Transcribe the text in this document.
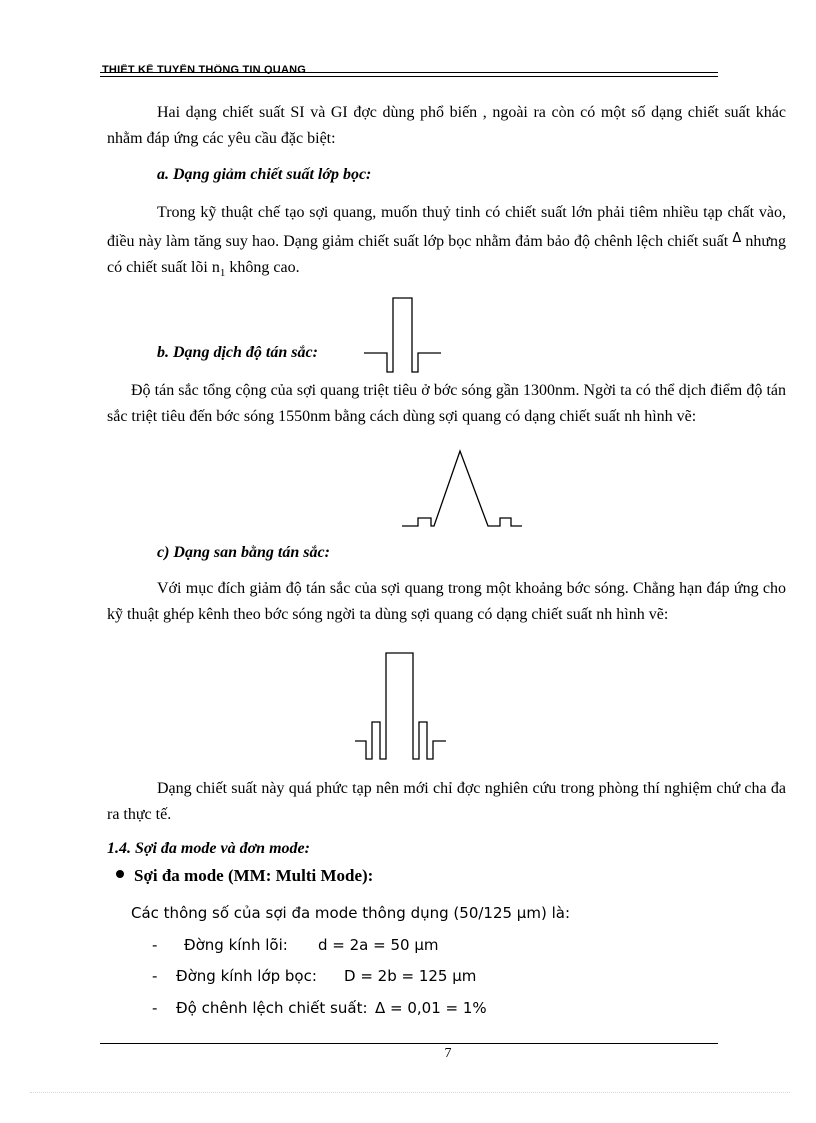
THIẾT KẾ TUYẾN THÔNG TIN QUANG

Hai dạng chiết suất SI và GI đợc dùng phổ biến , ngoài ra còn có một số dạng chiết suất khác nhằm đáp ứng các yêu cầu đặc biệt:

a. Dạng giảm chiết suất lớp bọc:

Trong kỹ thuật chế tạo sợi quang, muốn thuỷ tinh có chiết suất lớn phải tiêm nhiều tạp chất vào, điều này làm tăng suy hao. Dạng giảm chiết suất lớp bọc nhằm đảm bảo độ chênh lệch chiết suất $^\Delta$ nhưng có chiết suất lõi $n_1$ không cao.

b. Dạng dịch độ tán sắc:

Độ tán sắc tổng cộng của sợi quang triệt tiêu ở bớc sóng gần 1300nm. Ngời ta có thể dịch điểm độ tán sắc triệt tiêu đến bớc sóng 1550nm bằng cách dùng sợi quang có dạng chiết suất nh hình vẽ:

c) Dạng san bằng tán sắc:

Với mục đích giảm độ tán sắc của sợi quang trong một khoảng bớc sóng. Chẳng hạn đáp ứng cho kỹ thuật ghép kênh theo bớc sóng ngời ta dùng sợi quang có dạng chiết suất nh hình vẽ:

Dạng chiết suất này quá phức tạp nên mới chỉ đợc nghiên cứu trong phòng thí nghiệm chứ cha đa ra thực tế.

1.4. Sợi đa mode và đơn mode:
Sợi đa mode (MM: Multi Mode):
Các thông số của sợi đa mode thông dụng (50/125 μm) là:
-	Đờng kính lõi: d = 2a = 50 μm
-	Đờng kính lớp bọc: D = 2b = 125 μm
-	Độ chênh lệch chiết suất: Δ = 0,01 = 1%
7
